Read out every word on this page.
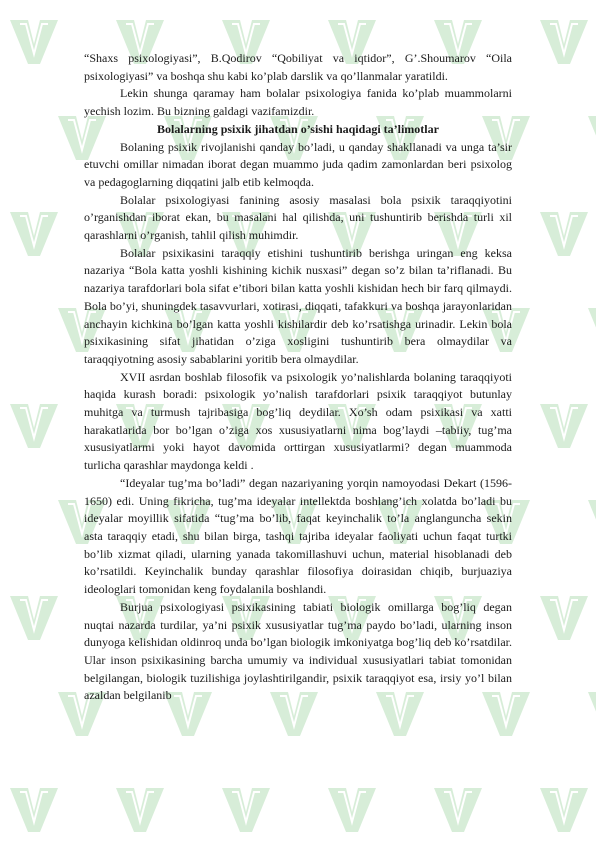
“Shaxs psixologiyasi”, B.Qodirov “Qobiliyat va iqtidor”, G’.Shoumarov “Oila psixologiyasi” va boshqa shu kabi ko’plab darslik va qo’llanmalar yaratildi.

Lekin shunga qaramay ham bolalar psixologiya fanida ko’plab muammolarni yechish lozim. Bu bizning galdagi vazifamizdir.

Bolalarning psixik jihatdan o’sishi haqidagi ta’limotlar

Bolaning psixik rivojlanishi qanday bo’ladi, u qanday shakllanadi va unga ta’sir etuvchi omillar nimadan iborat degan muammo juda qadim zamonlardan beri psixolog va pedagoglarning diqqatini jalb etib kelmoqda.

Bolalar psixologiyasi fanining asosiy masalasi bola psixik taraqqiyotini o’rganishdan iborat ekan, bu masalani hal qilishda, uni tushuntirib berishda turli xil qarashlarni o’rganish, tahlil qilish muhimdir.

Bolalar psixikasini taraqqiy etishini tushuntirib berishga uringan eng keksa nazariya “Bola katta yoshli kishining kichik nusxasi” degan so’z bilan ta’riflanadi. Bu nazariya tarafdorlari bola sifat e’tibori bilan katta yoshli kishidan hech bir farq qilmaydi. Bola bo’yi, shuningdek tasavvurlari, xotirasi, diqqati, tafakkuri va boshqa jarayonlaridan anchayin kichkina bo’lgan katta yoshli kishilardir deb ko’rsatishga urinadir. Lekin bola psixikasining sifat jihatidan o’ziga xosligini tushuntirib bera olmaydilar va taraqqiyotning asosiy sabablarini yoritib bera olmaydilar.

XVII asrdan boshlab filosofik va psixologik yo’nalishlarda bolaning taraqqiyoti haqida kurash boradi: psixologik yo’nalish tarafdorlari psixik taraqqiyot butunlay muhitga va turmush tajribasiga bog’liq deydilar. Xo’sh odam psixikasi va xatti harakatlarida bor bo’lgan o’ziga xos xususiyatlarni nima bog’laydi –tabiiy, tug’ma xususiyatlarmi yoki hayot davomida orttirgan xususiyatlarmi? degan muammoda turlicha qarashlar maydonga keldi .

“Ideyalar tug’ma bo’ladi” degan nazariyaning yorqin namoyodasi Dekart (1596-1650) edi. Uning fikricha, tug’ma ideyalar intellektda boshlang’ich xolatda bo’ladi bu ideyalar moyillik sifatida “tug’ma bo’lib, faqat keyinchalik to’la anglanguncha sekin asta taraqqiy etadi, shu bilan birga, tashqi tajriba ideyalar faoliyati uchun faqat turtki bo’lib xizmat qiladi, ularning yanada takomillashuvi uchun, material hisoblanadi deb ko’rsatildi. Keyinchalik bunday qarashlar filosofiya doirasidan chiqib, burjuaziya ideologlari tomonidan keng foydalanila boshlandi.

Burjua psixologiyasi psixikasining tabiati biologik omillarga bog’liq degan nuqtai nazarda turdilar, ya’ni psixik xususiyatlar tug’ma paydo bo’ladi, ularning inson dunyoga kelishidan oldinroq unda bo’lgan biologik imkoniyatga bog’liq deb ko’rsatdilar. Ular inson psixikasining barcha umumiy va individual xususiyatlari tabiat tomonidan belgilangan, biologik tuzilishiga joylashtirilgandir, psixik taraqqiyot esa, irsiy yo’l bilan azaldan belgilanib
